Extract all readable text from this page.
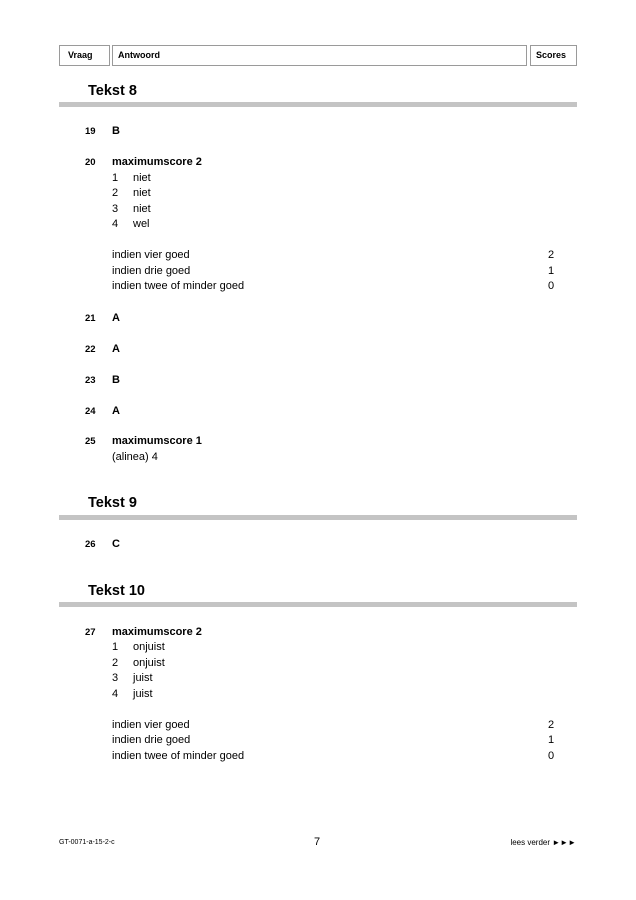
Vraag	Antwoord	Scores
Tekst 8
19 B
20 maximumscore 2
1 niet
2 niet
3 niet
4 wel
indien vier goed	2
indien drie goed	1
indien twee of minder goed	0
21 A
22 A
23 B
24 A
25 maximumscore 1
(alinea) 4
Tekst 9
26 C
Tekst 10
27 maximumscore 2
1 onjuist
2 onjuist
3 juist
4 juist
indien vier goed	2
indien drie goed	1
indien twee of minder goed	0
GT-0071-a-15-2-c	7	lees verder ►►►
